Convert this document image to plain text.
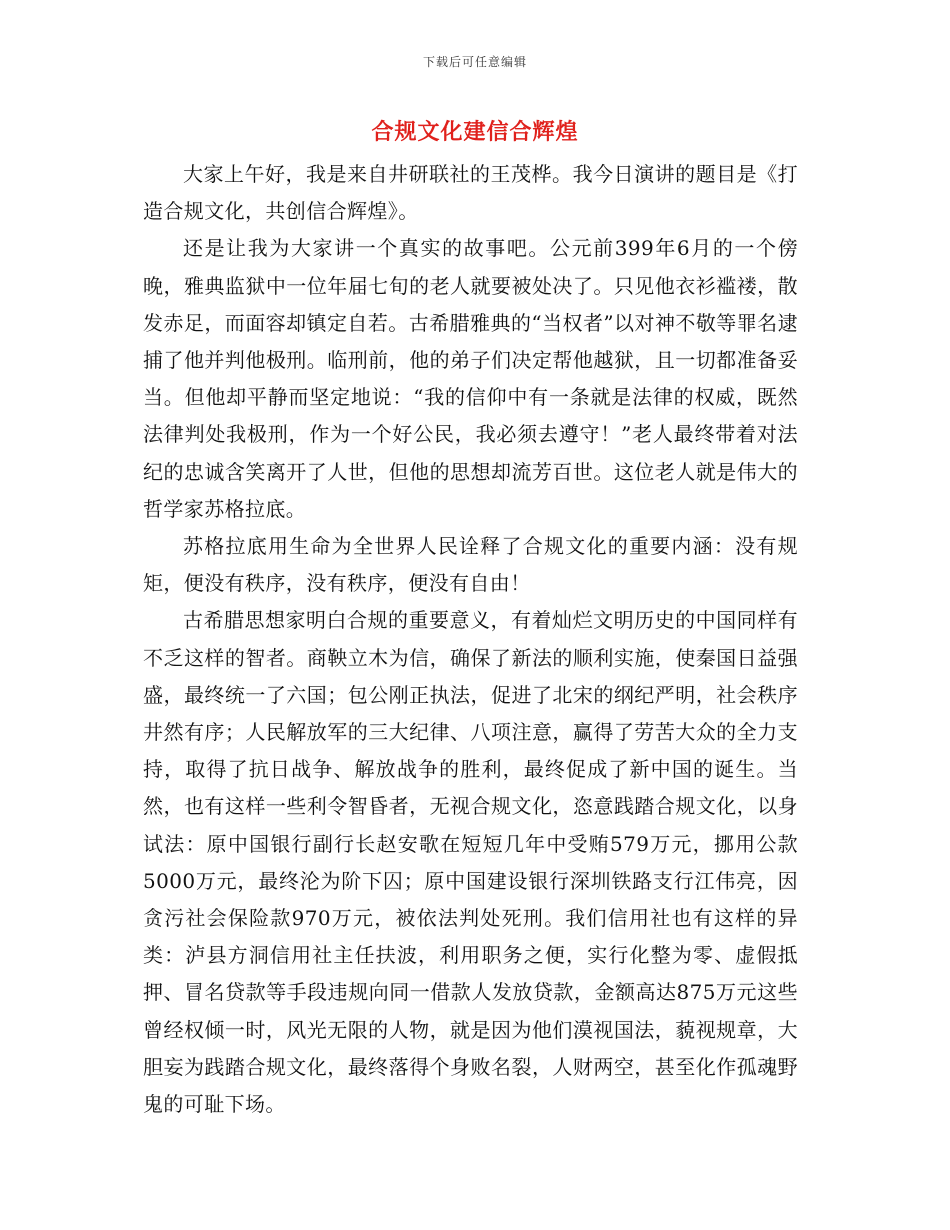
下载后可任意编辑
合规文化建信合辉煌

大家上午好，我是来自井研联社的王茂桦。我今日演讲的题目是《打造合规文化，共创信合辉煌》。

还是让我为大家讲一个真实的故事吧。公元前399年6月的一个傍晚，雅典监狱中一位年届七旬的老人就要被处决了。只见他衣衫褴褛，散发赤足，而面容却镇定自若。古希腊雅典的“当权者”以对神不敬等罪名逮捕了他并判他极刑。临刑前，他的弟子们决定帮他越狱，且一切都准备妥当。但他却平静而坚定地说：“我的信仰中有一条就是法律的权威，既然法律判处我极刑，作为一个好公民，我必须去遵守！”老人最终带着对法纪的忠诚含笑离开了人世，但他的思想却流芳百世。这位老人就是伟大的哲学家苏格拉底。

苏格拉底用生命为全世界人民诠释了合规文化的重要内涵：没有规矩，便没有秩序，没有秩序，便没有自由！

古希腊思想家明白合规的重要意义，有着灿烂文明历史的中国同样有不乏这样的智者。商鞅立木为信，确保了新法的顺利实施，使秦国日益强盛，最终统一了六国；包公刚正执法，促进了北宋的纲纪严明，社会秩序井然有序；人民解放军的三大纪律、八项注意，赢得了劳苦大众的全力支持，取得了抗日战争、解放战争的胜利，最终促成了新中国的诞生。当然，也有这样一些利令智昏者，无视合规文化，恣意践踏合规文化，以身试法：原中国银行副行长赵安歌在短短几年中受贿579万元，挪用公款5000万元，最终沦为阶下囚；原中国建设银行深圳铁路支行江伟亮，因贪污社会保险款970万元，被依法判处死刑。我们信用社也有这样的异类：泸县方洞信用社主任扶波，利用职务之便，实行化整为零、虚假抵押、冒名贷款等手段违规向同一借款人发放贷款，金额高达875万元这些曾经权倾一时，风光无限的人物，就是因为他们漠视国法，藐视规章，大胆妄为践踏合规文化，最终落得个身败名裂，人财两空，甚至化作孤魂野鬼的可耻下场。
